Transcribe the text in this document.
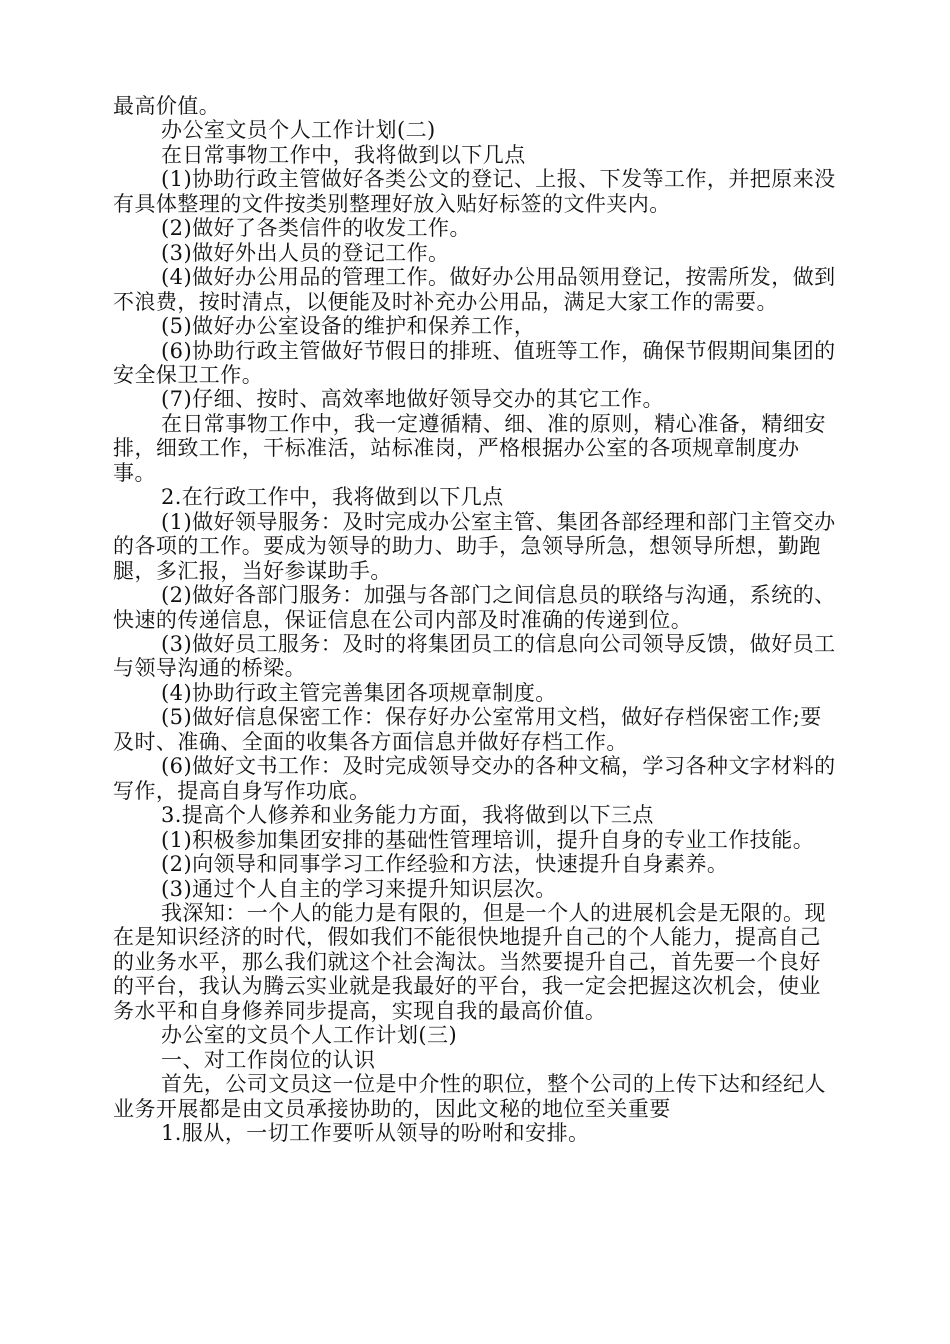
最高价值。

办公室文员个人工作计划(二)

在日常事物工作中，我将做到以下几点

(1)协助行政主管做好各类公文的登记、上报、下发等工作，并把原来没有具体整理的文件按类别整理好放入贴好标签的文件夹内。

(2)做好了各类信件的收发工作。

(3)做好外出人员的登记工作。

(4)做好办公用品的管理工作。做好办公用品领用登记，按需所发，做到不浪费，按时清点，以便能及时补充办公用品，满足大家工作的需要。

(5)做好办公室设备的维护和保养工作，

(6)协助行政主管做好节假日的排班、值班等工作，确保节假期间集团的安全保卫工作。

(7)仔细、按时、高效率地做好领导交办的其它工作。

在日常事物工作中，我一定遵循精、细、准的原则，精心准备，精细安排，细致工作，干标准活，站标准岗，严格根据办公室的各项规章制度办事。

2.在行政工作中，我将做到以下几点

(1)做好领导服务：及时完成办公室主管、集团各部经理和部门主管交办的各项的工作。要成为领导的助力、助手，急领导所急，想领导所想，勤跑腿，多汇报，当好参谋助手。

(2)做好各部门服务：加强与各部门之间信息员的联络与沟通，系统的、快速的传递信息，保证信息在公司内部及时准确的传递到位。

(3)做好员工服务：及时的将集团员工的信息向公司领导反馈，做好员工与领导沟通的桥梁。

(4)协助行政主管完善集团各项规章制度。

(5)做好信息保密工作：保存好办公室常用文档，做好存档保密工作;要及时、准确、全面的收集各方面信息并做好存档工作。

(6)做好文书工作：及时完成领导交办的各种文稿，学习各种文字材料的写作，提高自身写作功底。

3.提高个人修养和业务能力方面，我将做到以下三点

(1)积极参加集团安排的基础性管理培训，提升自身的专业工作技能。

(2)向领导和同事学习工作经验和方法，快速提升自身素养。

(3)通过个人自主的学习来提升知识层次。

我深知：一个人的能力是有限的，但是一个人的进展机会是无限的。现在是知识经济的时代，假如我们不能很快地提升自己的个人能力，提高自己的业务水平，那么我们就这个社会淘汰。当然要提升自己，首先要一个良好的平台，我认为腾云实业就是我最好的平台，我一定会把握这次机会，使业务水平和自身修养同步提高，实现自我的最高价值。

办公室的文员个人工作计划(三)

一、对工作岗位的认识

首先，公司文员这一位是中介性的职位，整个公司的上传下达和经纪人业务开展都是由文员承接协助的，因此文秘的地位至关重要

1.服从，一切工作要听从领导的吩咐和安排。
